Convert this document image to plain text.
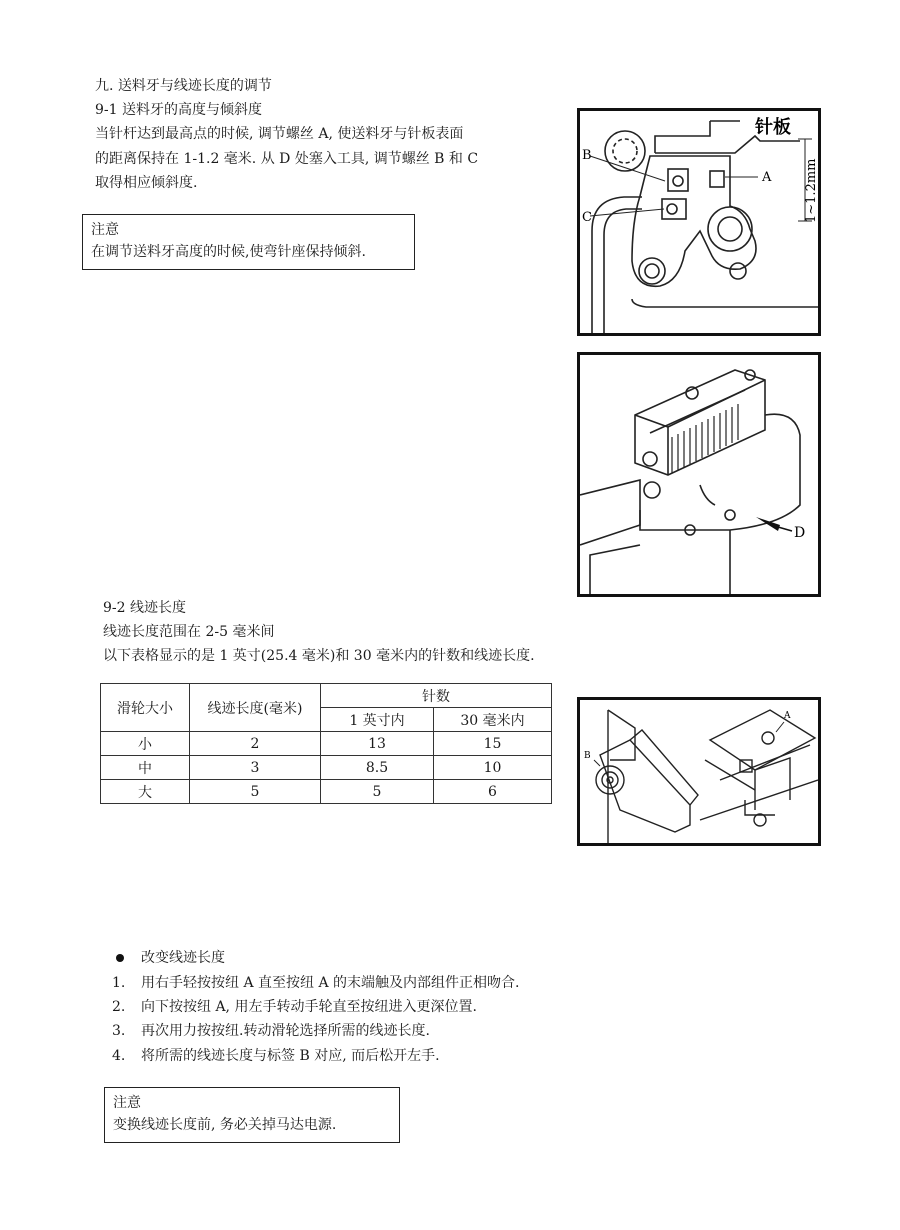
九. 送料牙与线迹长度的调节
9-1 送料牙的高度与倾斜度
当针杆达到最高点的时候, 调节螺丝 A, 使送料牙与针板表面
的距离保持在 1-1.2 毫米. 从 D 处塞入工具, 调节螺丝 B 和 C
取得相应倾斜度.
注意
在调节送料牙高度的时候,使弯针座保持倾斜.
针板
B
C
A	1~1.2mm
D
9-2 线迹长度
线迹长度范围在 2-5 毫米间
以下表格显示的是 1 英寸(25.4 毫米)和 30 毫米内的针数和线迹长度.
滑轮大小	线迹长度(毫米)	针数	
		1 英寸内	30 毫米内
小	2	13	15
中	3	8.5	10
大	5	5	6
A
B
改变线迹长度
1.	用右手轻按按纽 A 直至按纽 A 的末端触及内部组件正相吻合.
2.	向下按按纽 A, 用左手转动手轮直至按纽进入更深位置.
3.	再次用力按按纽.转动滑轮选择所需的线迹长度.
4.	将所需的线迹长度与标签 B 对应, 而后松开左手.
注意
变换线迹长度前, 务必关掉马达电源.
